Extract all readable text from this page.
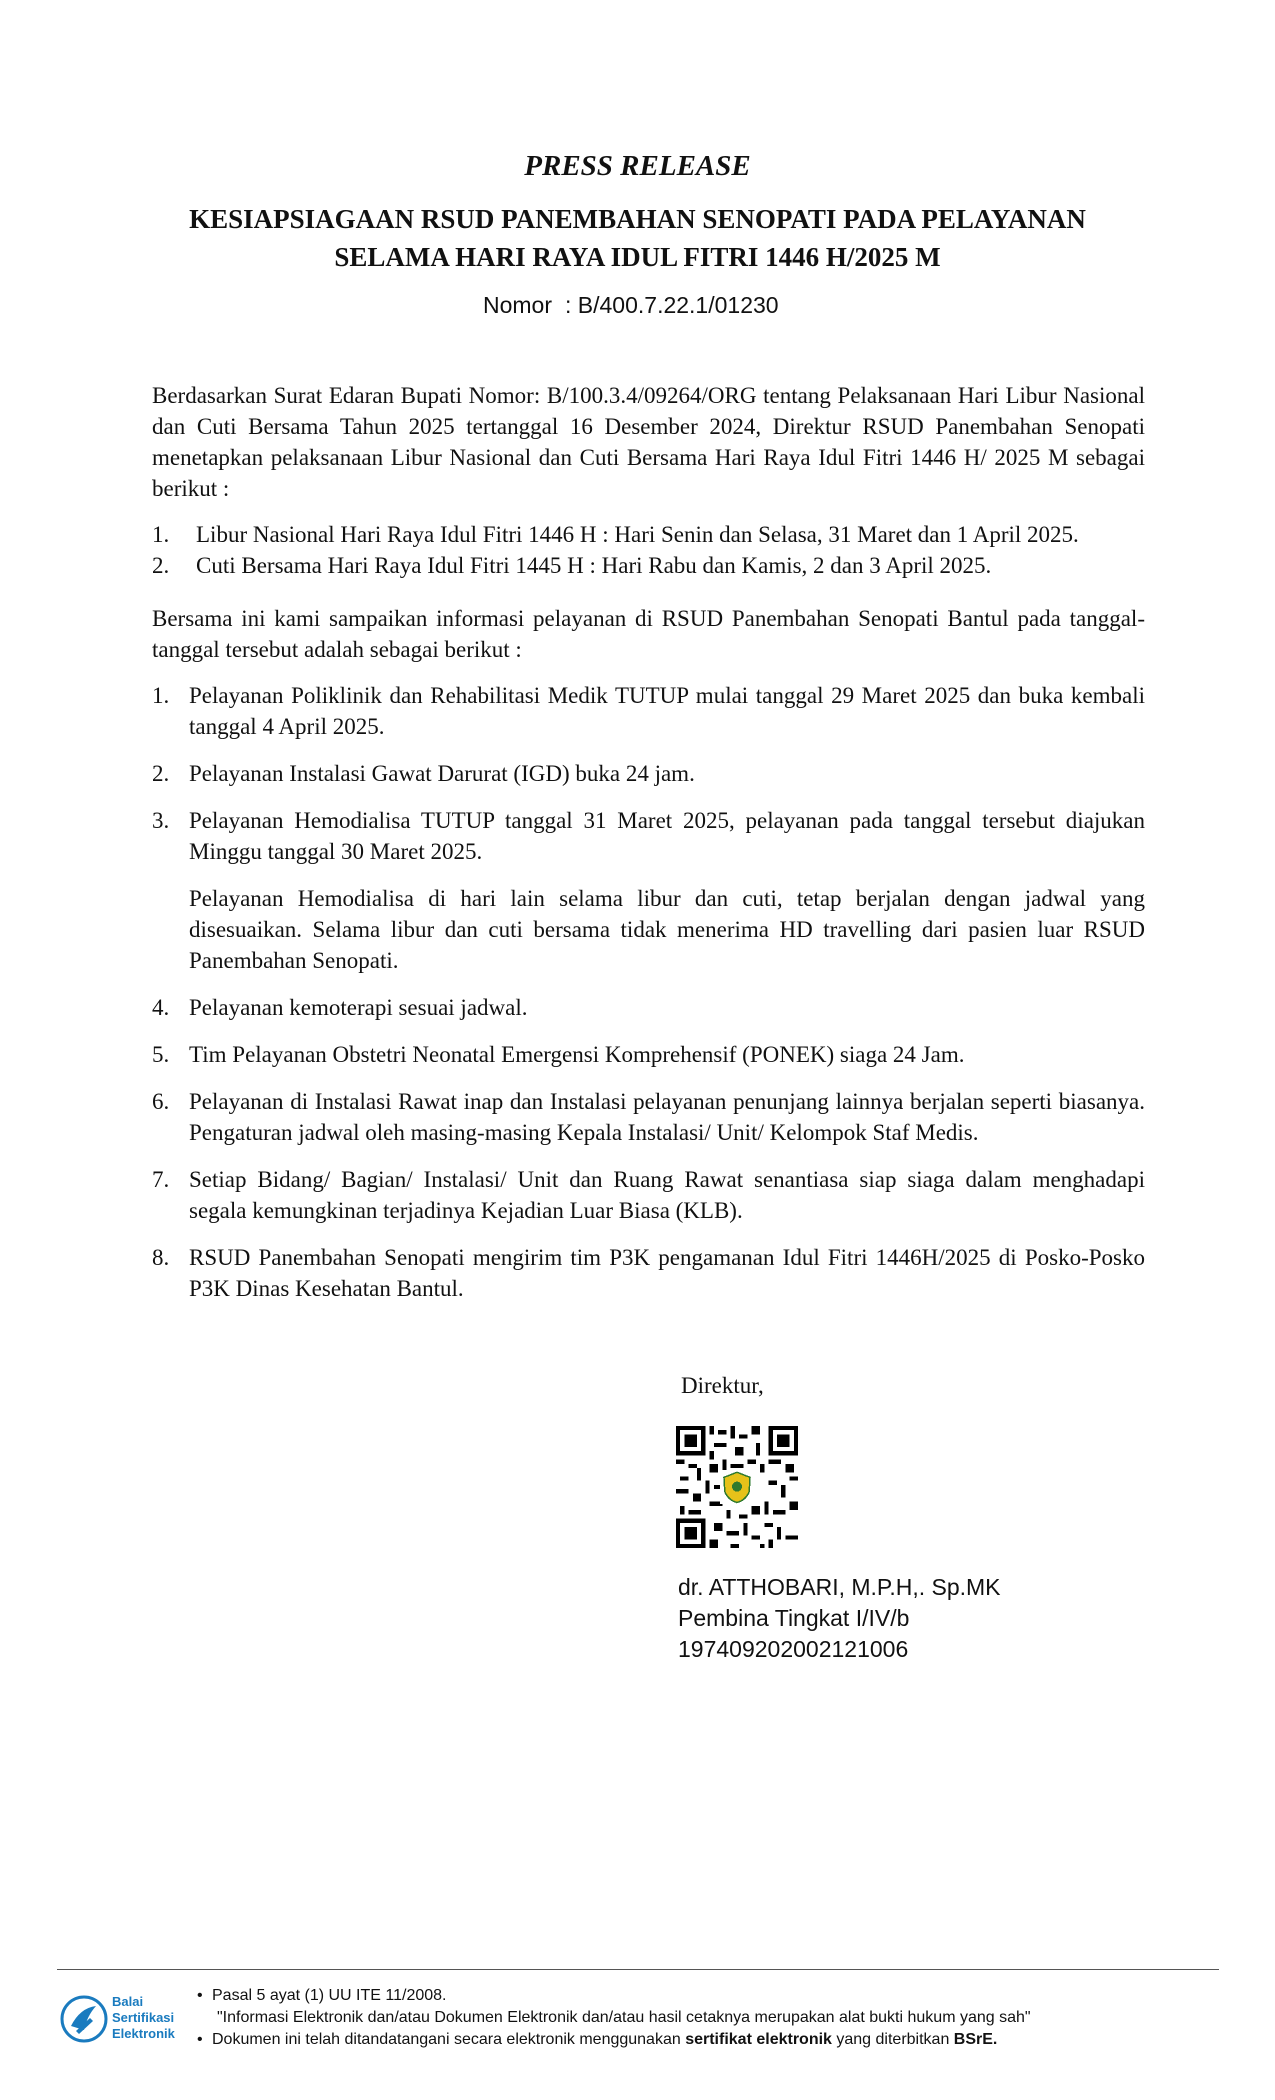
PRESS RELEASE
KESIAPSIAGAAN RSUD PANEMBAHAN SENOPATI PADA PELAYANAN
SELAMA HARI RAYA IDUL FITRI 1446 H/2025 M
Nomor : B/400.7.22.1/01230
Berdasarkan Surat Edaran Bupati Nomor: B/100.3.4/09264/ORG tentang Pelaksanaan Hari Libur Nasional dan Cuti Bersama Tahun 2025 tertanggal 16 Desember 2024, Direktur RSUD Panembahan Senopati menetapkan pelaksanaan Libur Nasional dan Cuti Bersama Hari Raya Idul Fitri 1446 H/ 2025 M sebagai berikut :
1.	Libur Nasional Hari Raya Idul Fitri 1446 H : Hari Senin dan Selasa, 31 Maret dan 1 April 2025.
2.	Cuti Bersama Hari Raya Idul Fitri 1445 H : Hari Rabu dan Kamis, 2 dan 3 April 2025.
Bersama ini kami sampaikan informasi pelayanan di RSUD Panembahan Senopati Bantul pada tanggal-tanggal tersebut adalah sebagai berikut :
1. Pelayanan Poliklinik dan Rehabilitasi Medik TUTUP mulai tanggal 29 Maret 2025 dan buka kembali tanggal 4 April 2025.

2. Pelayanan Instalasi Gawat Darurat (IGD) buka 24 jam.

3. Pelayanan Hemodialisa TUTUP tanggal 31 Maret 2025, pelayanan pada tanggal tersebut diajukan Minggu tanggal 30 Maret 2025.

Pelayanan Hemodialisa di hari lain selama libur dan cuti, tetap berjalan dengan jadwal yang disesuaikan. Selama libur dan cuti bersama tidak menerima HD travelling dari pasien luar RSUD Panembahan Senopati.

4. Pelayanan kemoterapi sesuai jadwal.

5. Tim Pelayanan Obstetri Neonatal Emergensi Komprehensif (PONEK) siaga 24 Jam.

6. Pelayanan di Instalasi Rawat inap dan Instalasi pelayanan penunjang lainnya berjalan seperti biasanya. Pengaturan jadwal oleh masing-masing Kepala Instalasi/ Unit/ Kelompok Staf Medis.

7. Setiap Bidang/ Bagian/ Instalasi/ Unit dan Ruang Rawat senantiasa siap siaga dalam menghadapi segala kemungkinan terjadinya Kejadian Luar Biasa (KLB).

8. RSUD Panembahan Senopati mengirim tim P3K pengamanan Idul Fitri 1446H/2025 di Posko-Posko P3K Dinas Kesehatan Bantul.

Direktur,
dr. ATTHOBARI, M.P.H,. Sp.MK
Pembina Tingkat I/IV/b
197409202002121006
Balai
Sertifikasi
Elektronik
• Pasal 5 ayat (1) UU ITE 11/2008.
"Informasi Elektronik dan/atau Dokumen Elektronik dan/atau hasil cetaknya merupakan alat bukti hukum yang sah"
• Dokumen ini telah ditandatangani secara elektronik menggunakan sertifikat elektronik yang diterbitkan BSrE.
